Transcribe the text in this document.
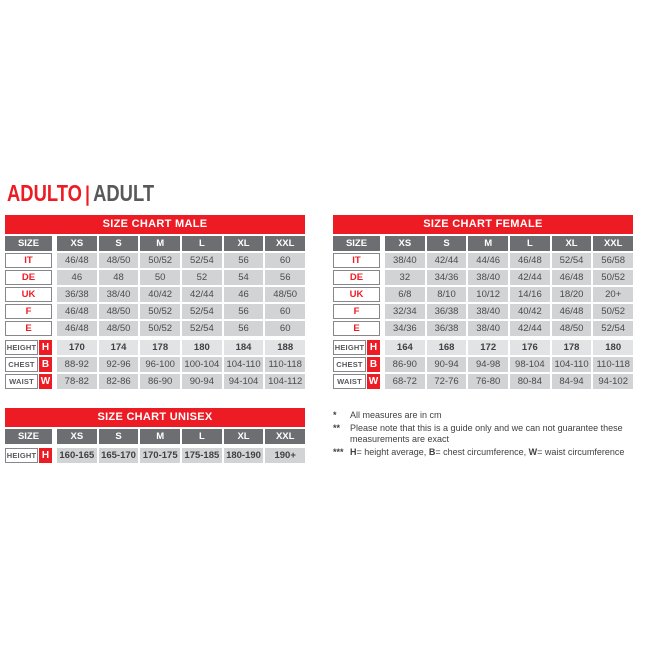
ADULTO | ADULT
SIZE CHART MALE
SIZE	XS	S	M	L	XL	XXL
IT	46/48	48/50	50/52	52/54	56	60
DE	46	48	50	52	54	56
UK	36/38	38/40	40/42	42/44	46	48/50
F	46/48	48/50	50/52	52/54	56	60
E	46/48	48/50	50/52	52/54	56	60
HEIGHT H	170	174	178	180	184	188
CHEST B	88-92	92-96	96-100 100-104 104-110 110-118
WAIST W	78-82	82-86	86-90	90-94	94-104	104-112
SIZE CHART FEMALE
SIZE	XS	S	M	L	XL	XXL
IT	38/40	42/44	44/46	46/48	52/54	56/58
DE	32	34/36	38/40	42/44	46/48	50/52
UK	6/8	8/10	10/12	14/16	18/20	20+
F	32/34	36/38	38/40	40/42	46/48	50/52
E	34/36	36/38	38/40	42/44	48/50	52/54
HEIGHT H	164	168	172	176	178	180
CHEST B	86-90	90-94	94-98	98-104	104-110 110-118
WAIST W	68-72	72-76	76-80	80-84	84-94	94-102
SIZE CHART UNISEX
SIZE	XS	S	M	L	XL	XXL
HEIGHT H	160-165 165-170 170-175 175-185 180-190	190+
*	All measures are in cm
**	Please note that this is a guide only and we can not guarantee these measurements are exact
*** H= height average, B= chest circumference, W= waist circumference
